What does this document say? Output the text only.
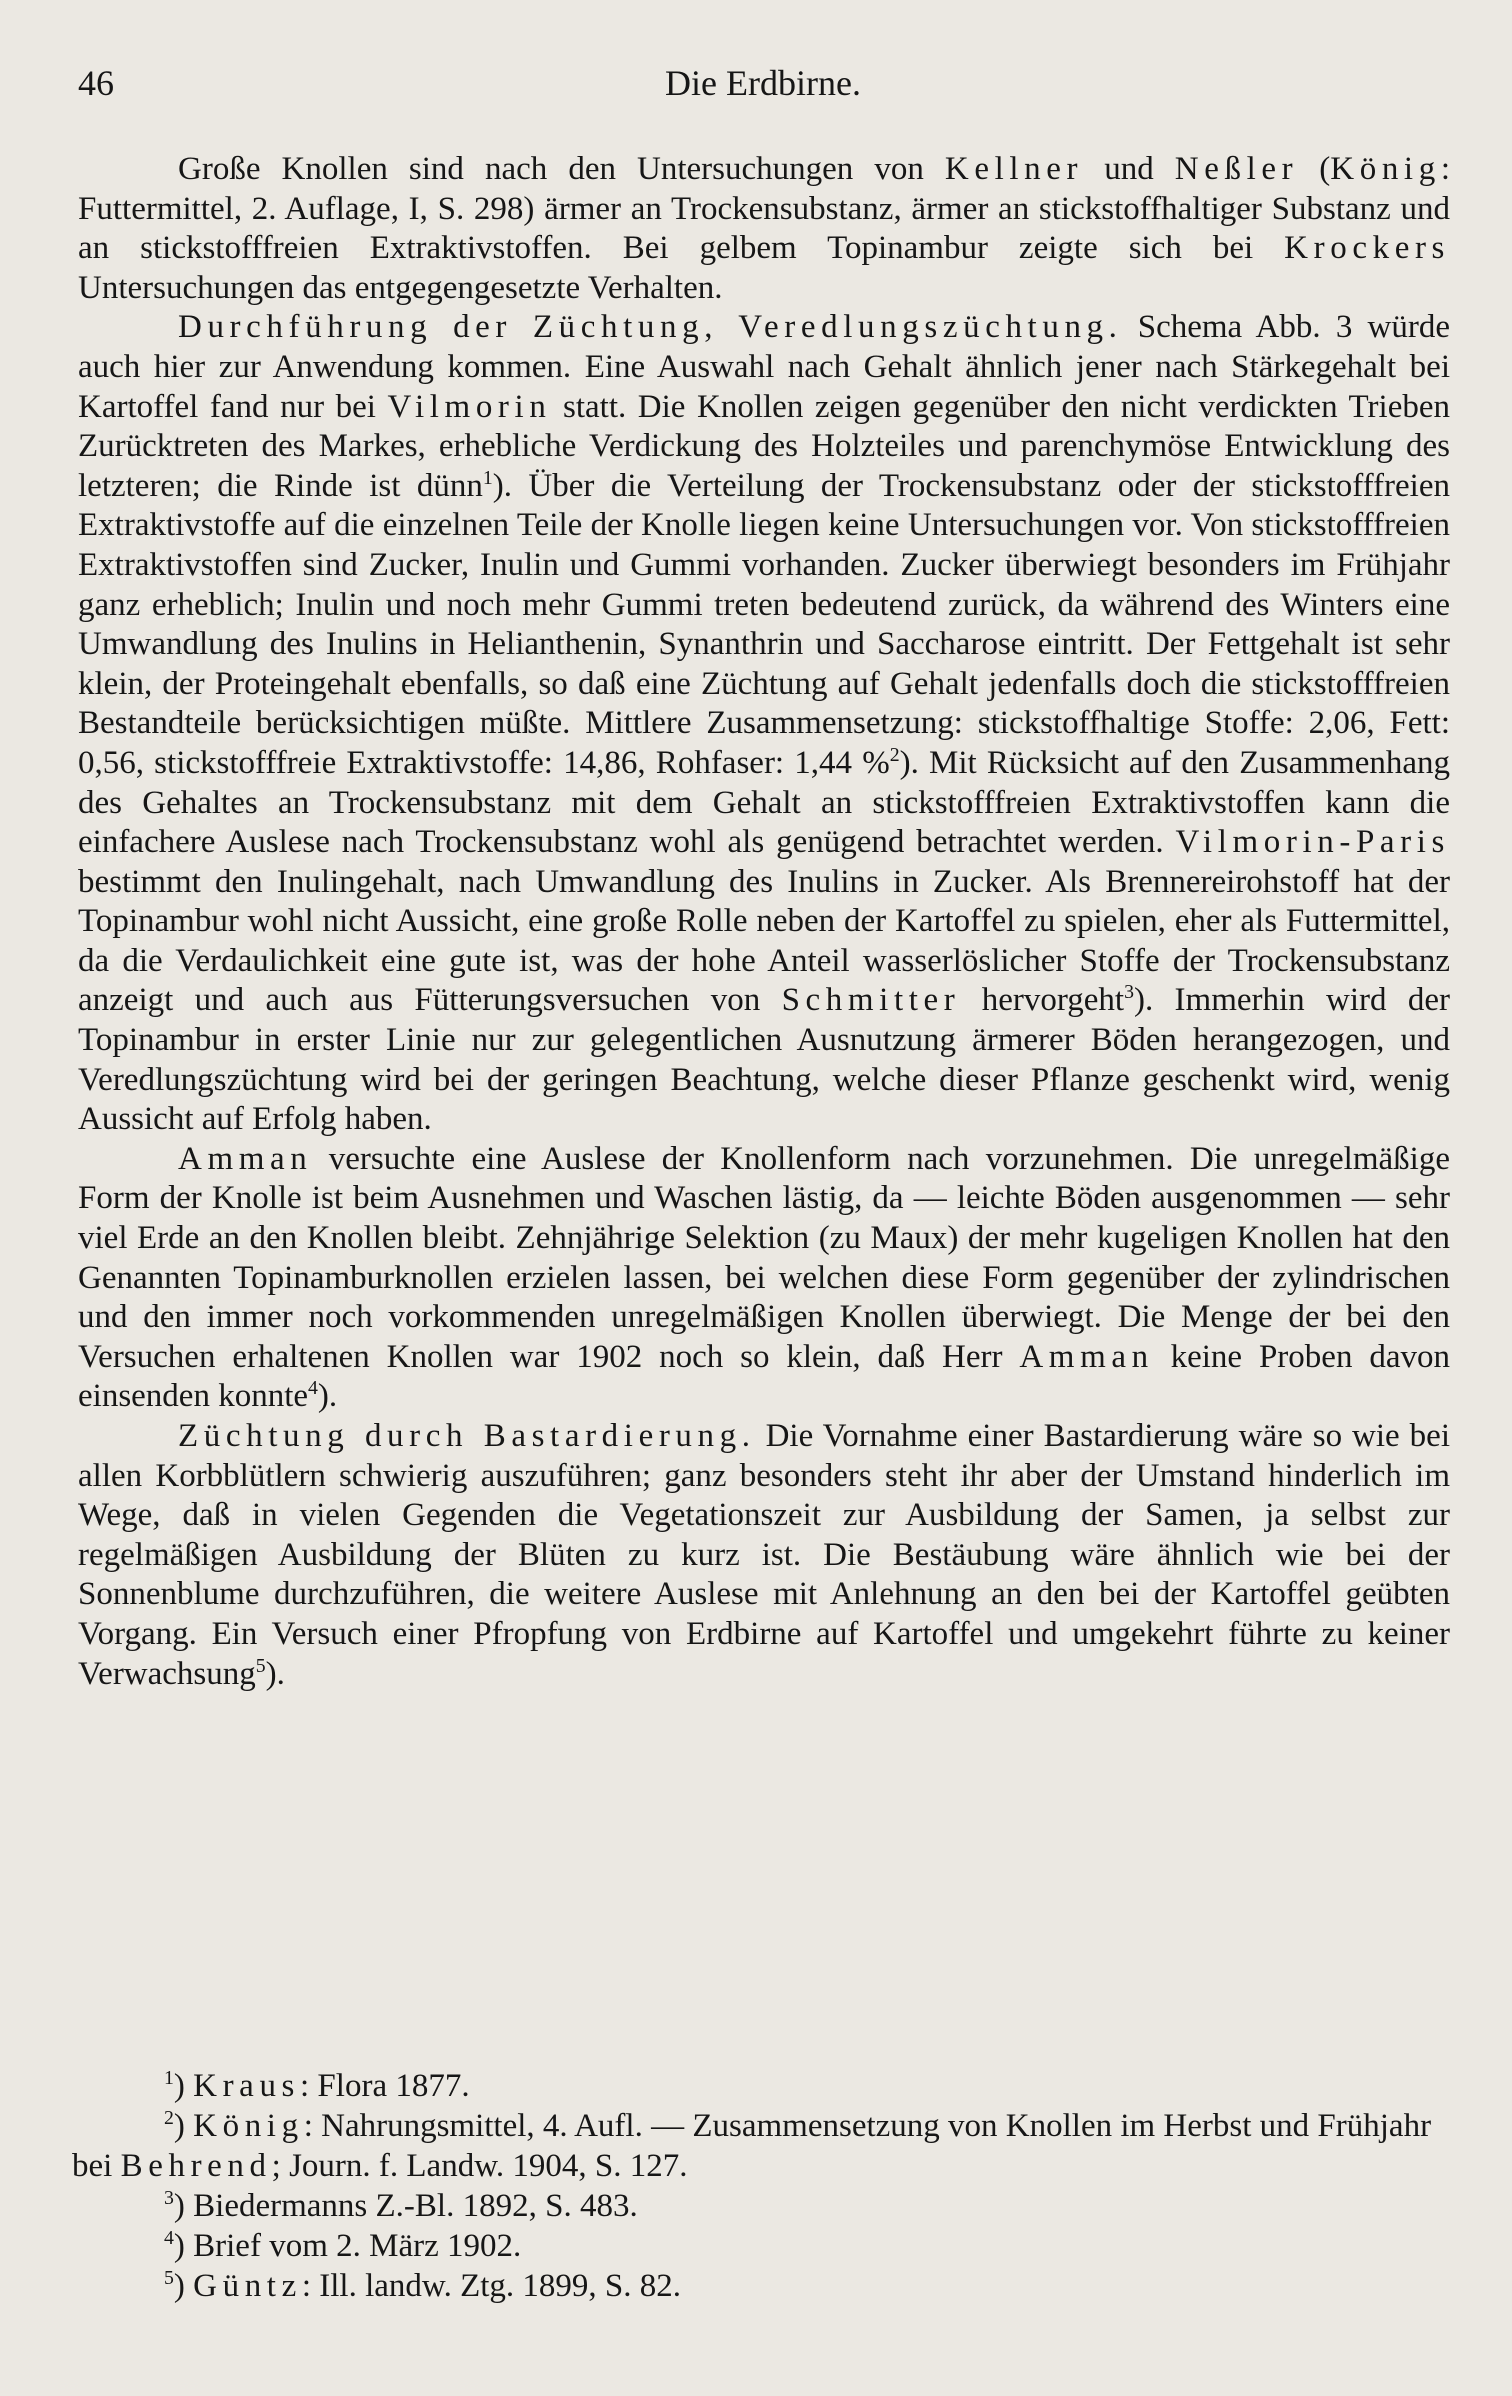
46	Die Erdbirne.

Große Knollen sind nach den Untersuchungen von Kellner und Neßler (König: Futtermittel, 2. Auflage, I, S. 298) ärmer an Trockensubstanz, ärmer an stickstoffhaltiger Substanz und an stickstofffreien Extraktivstoffen. Bei gelbem Topinambur zeigte sich bei Krockers Untersuchungen das entgegengesetzte Verhalten.

Durchführung der Züchtung, Veredlungszüchtung. Schema Abb. 3 würde auch hier zur Anwendung kommen. Eine Auswahl nach Gehalt ähnlich jener nach Stärkegehalt bei Kartoffel fand nur bei Vilmorin statt. Die Knollen zeigen gegenüber den nicht verdickten Trieben Zurücktreten des Markes, erhebliche Verdickung des Holzteiles und parenchymöse Entwicklung des letzteren; die Rinde ist dünn$^1$). Über die Verteilung der Trockensubstanz oder der stickstofffreien Extraktivstoffe auf die einzelnen Teile der Knolle liegen keine Untersuchungen vor. Von stickstofffreien Extraktivstoffen sind Zucker, Inulin und Gummi vorhanden. Zucker überwiegt besonders im Frühjahr ganz erheblich; Inulin und noch mehr Gummi treten bedeutend zurück, da während des Winters eine Umwandlung des Inulins in Helianthenin, Synanthrin und Saccharose eintritt. Der Fettgehalt ist sehr klein, der Proteingehalt ebenfalls, so daß eine Züchtung auf Gehalt jedenfalls doch die stickstofffreien Bestandteile berücksichtigen müßte. Mittlere Zusammensetzung: stickstoffhaltige Stoffe: 2,06, Fett: 0,56, stickstofffreie Extraktivstoffe: 14,86, Rohfaser: 1,44 %$^2$). Mit Rücksicht auf den Zusammenhang des Gehaltes an Trockensubstanz mit dem Gehalt an stickstofffreien Extraktivstoffen kann die einfachere Auslese nach Trockensubstanz wohl als genügend betrachtet werden. Vilmorin-Paris bestimmt den Inulingehalt, nach Umwandlung des Inulins in Zucker. Als Brennereirohstoff hat der Topinambur wohl nicht Aussicht, eine große Rolle neben der Kartoffel zu spielen, eher als Futtermittel, da die Verdaulichkeit eine gute ist, was der hohe Anteil wasserlöslicher Stoffe der Trockensubstanz anzeigt und auch aus Fütterungsversuchen von Schmitter hervorgeht$^3$). Immerhin wird der Topinambur in erster Linie nur zur gelegentlichen Ausnutzung ärmerer Böden herangezogen, und Veredlungszüchtung wird bei der geringen Beachtung, welche dieser Pflanze geschenkt wird, wenig Aussicht auf Erfolg haben.

Amman versuchte eine Auslese der Knollenform nach vorzunehmen. Die unregelmäßige Form der Knolle ist beim Ausnehmen und Waschen lästig, da — leichte Böden ausgenommen — sehr viel Erde an den Knollen bleibt. Zehnjährige Selektion (zu Maux) der mehr kugeligen Knollen hat den Genannten Topinamburknollen erzielen lassen, bei welchen diese Form gegenüber der zylindrischen und den immer noch vorkommenden unregelmäßigen Knollen überwiegt. Die Menge der bei den Versuchen erhaltenen Knollen war 1902 noch so klein, daß Herr Amman keine Proben davon einsenden konnte$^4$).

Züchtung durch Bastardierung. Die Vornahme einer Bastardierung wäre so wie bei allen Korbblütlern schwierig auszuführen; ganz besonders steht ihr aber der Umstand hinderlich im Wege, daß in vielen Gegenden die Vegetationszeit zur Ausbildung der Samen, ja selbst zur regelmäßigen Ausbildung der Blüten zu kurz ist. Die Bestäubung wäre ähnlich wie bei der Sonnenblume durchzuführen, die weitere Auslese mit Anlehnung an den bei der Kartoffel geübten Vorgang. Ein Versuch einer Pfropfung von Erdbirne auf Kartoffel und umgekehrt führte zu keiner Verwachsung$^5$).

$^1$) Kraus: Flora 1877.

$^2$) König: Nahrungsmittel, 4. Aufl. — Zusammensetzung von Knollen im Herbst und Frühjahr bei Behrend; Journ. f. Landw. 1904, S. 127.

$^3$) Biedermanns Z.-Bl. 1892, S. 483.

$^4$) Brief vom 2. März 1902.

$^5$) Güntz: Ill. landw. Ztg. 1899, S. 82.
